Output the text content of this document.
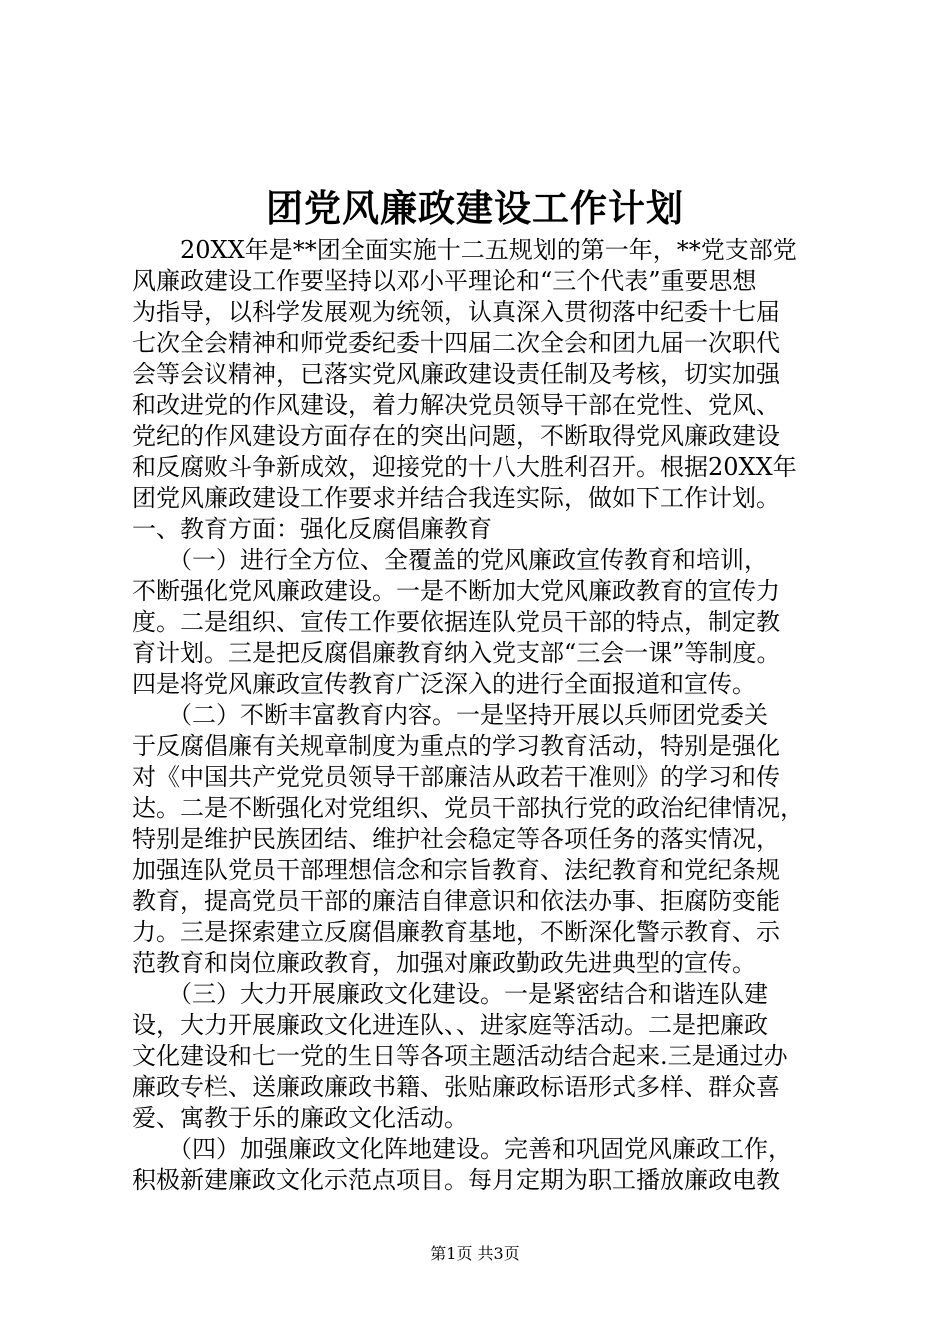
团党风廉政建设工作计划
　　20XX年是**团全面实施十二五规划的第一年，**党支部党
风廉政建设工作要坚持以邓小平理论和“三个代表”重要思想
为指导，以科学发展观为统领，认真深入贯彻落中纪委十七届
七次全会精神和师党委纪委十四届二次全会和团九届一次职代
会等会议精神，已落实党风廉政建设责任制及考核，切实加强
和改进党的作风建设，着力解决党员领导干部在党性、党风、
党纪的作风建设方面存在的突出问题，不断取得党风廉政建设
和反腐败斗争新成效，迎接党的十八大胜利召开。根据20XX年
团党风廉政建设工作要求并结合我连实际，做如下工作计划。
一、教育方面：强化反腐倡廉教育
　　（一）进行全方位、全覆盖的党风廉政宣传教育和培训，
不断强化党风廉政建设。一是不断加大党风廉政教育的宣传力
度。二是组织、宣传工作要依据连队党员干部的特点，制定教
育计划。三是把反腐倡廉教育纳入党支部“三会一课”等制度。
四是将党风廉政宣传教育广泛深入的进行全面报道和宣传。
　　（二）不断丰富教育内容。一是坚持开展以兵师团党委关
于反腐倡廉有关规章制度为重点的学习教育活动，特别是强化
对《中国共产党党员领导干部廉洁从政若干准则》的学习和传
达。二是不断强化对党组织、党员干部执行党的政治纪律情况，
特别是维护民族团结、维护社会稳定等各项任务的落实情况，
加强连队党员干部理想信念和宗旨教育、法纪教育和党纪条规
教育，提高党员干部的廉洁自律意识和依法办事、拒腐防变能
力。三是探索建立反腐倡廉教育基地，不断深化警示教育、示
范教育和岗位廉政教育，加强对廉政勤政先进典型的宣传。
　　（三）大力开展廉政文化建设。一是紧密结合和谐连队建
设，大力开展廉政文化进连队、、进家庭等活动。二是把廉政
文化建设和七一党的生日等各项主题活动结合起来.三是通过办
廉政专栏、送廉政廉政书籍、张贴廉政标语形式多样、群众喜
爱、寓教于乐的廉政文化活动。
　　（四）加强廉政文化阵地建设。完善和巩固党风廉政工作，
积极新建廉政文化示范点项目。每月定期为职工播放廉政电教
第1页 共3页
